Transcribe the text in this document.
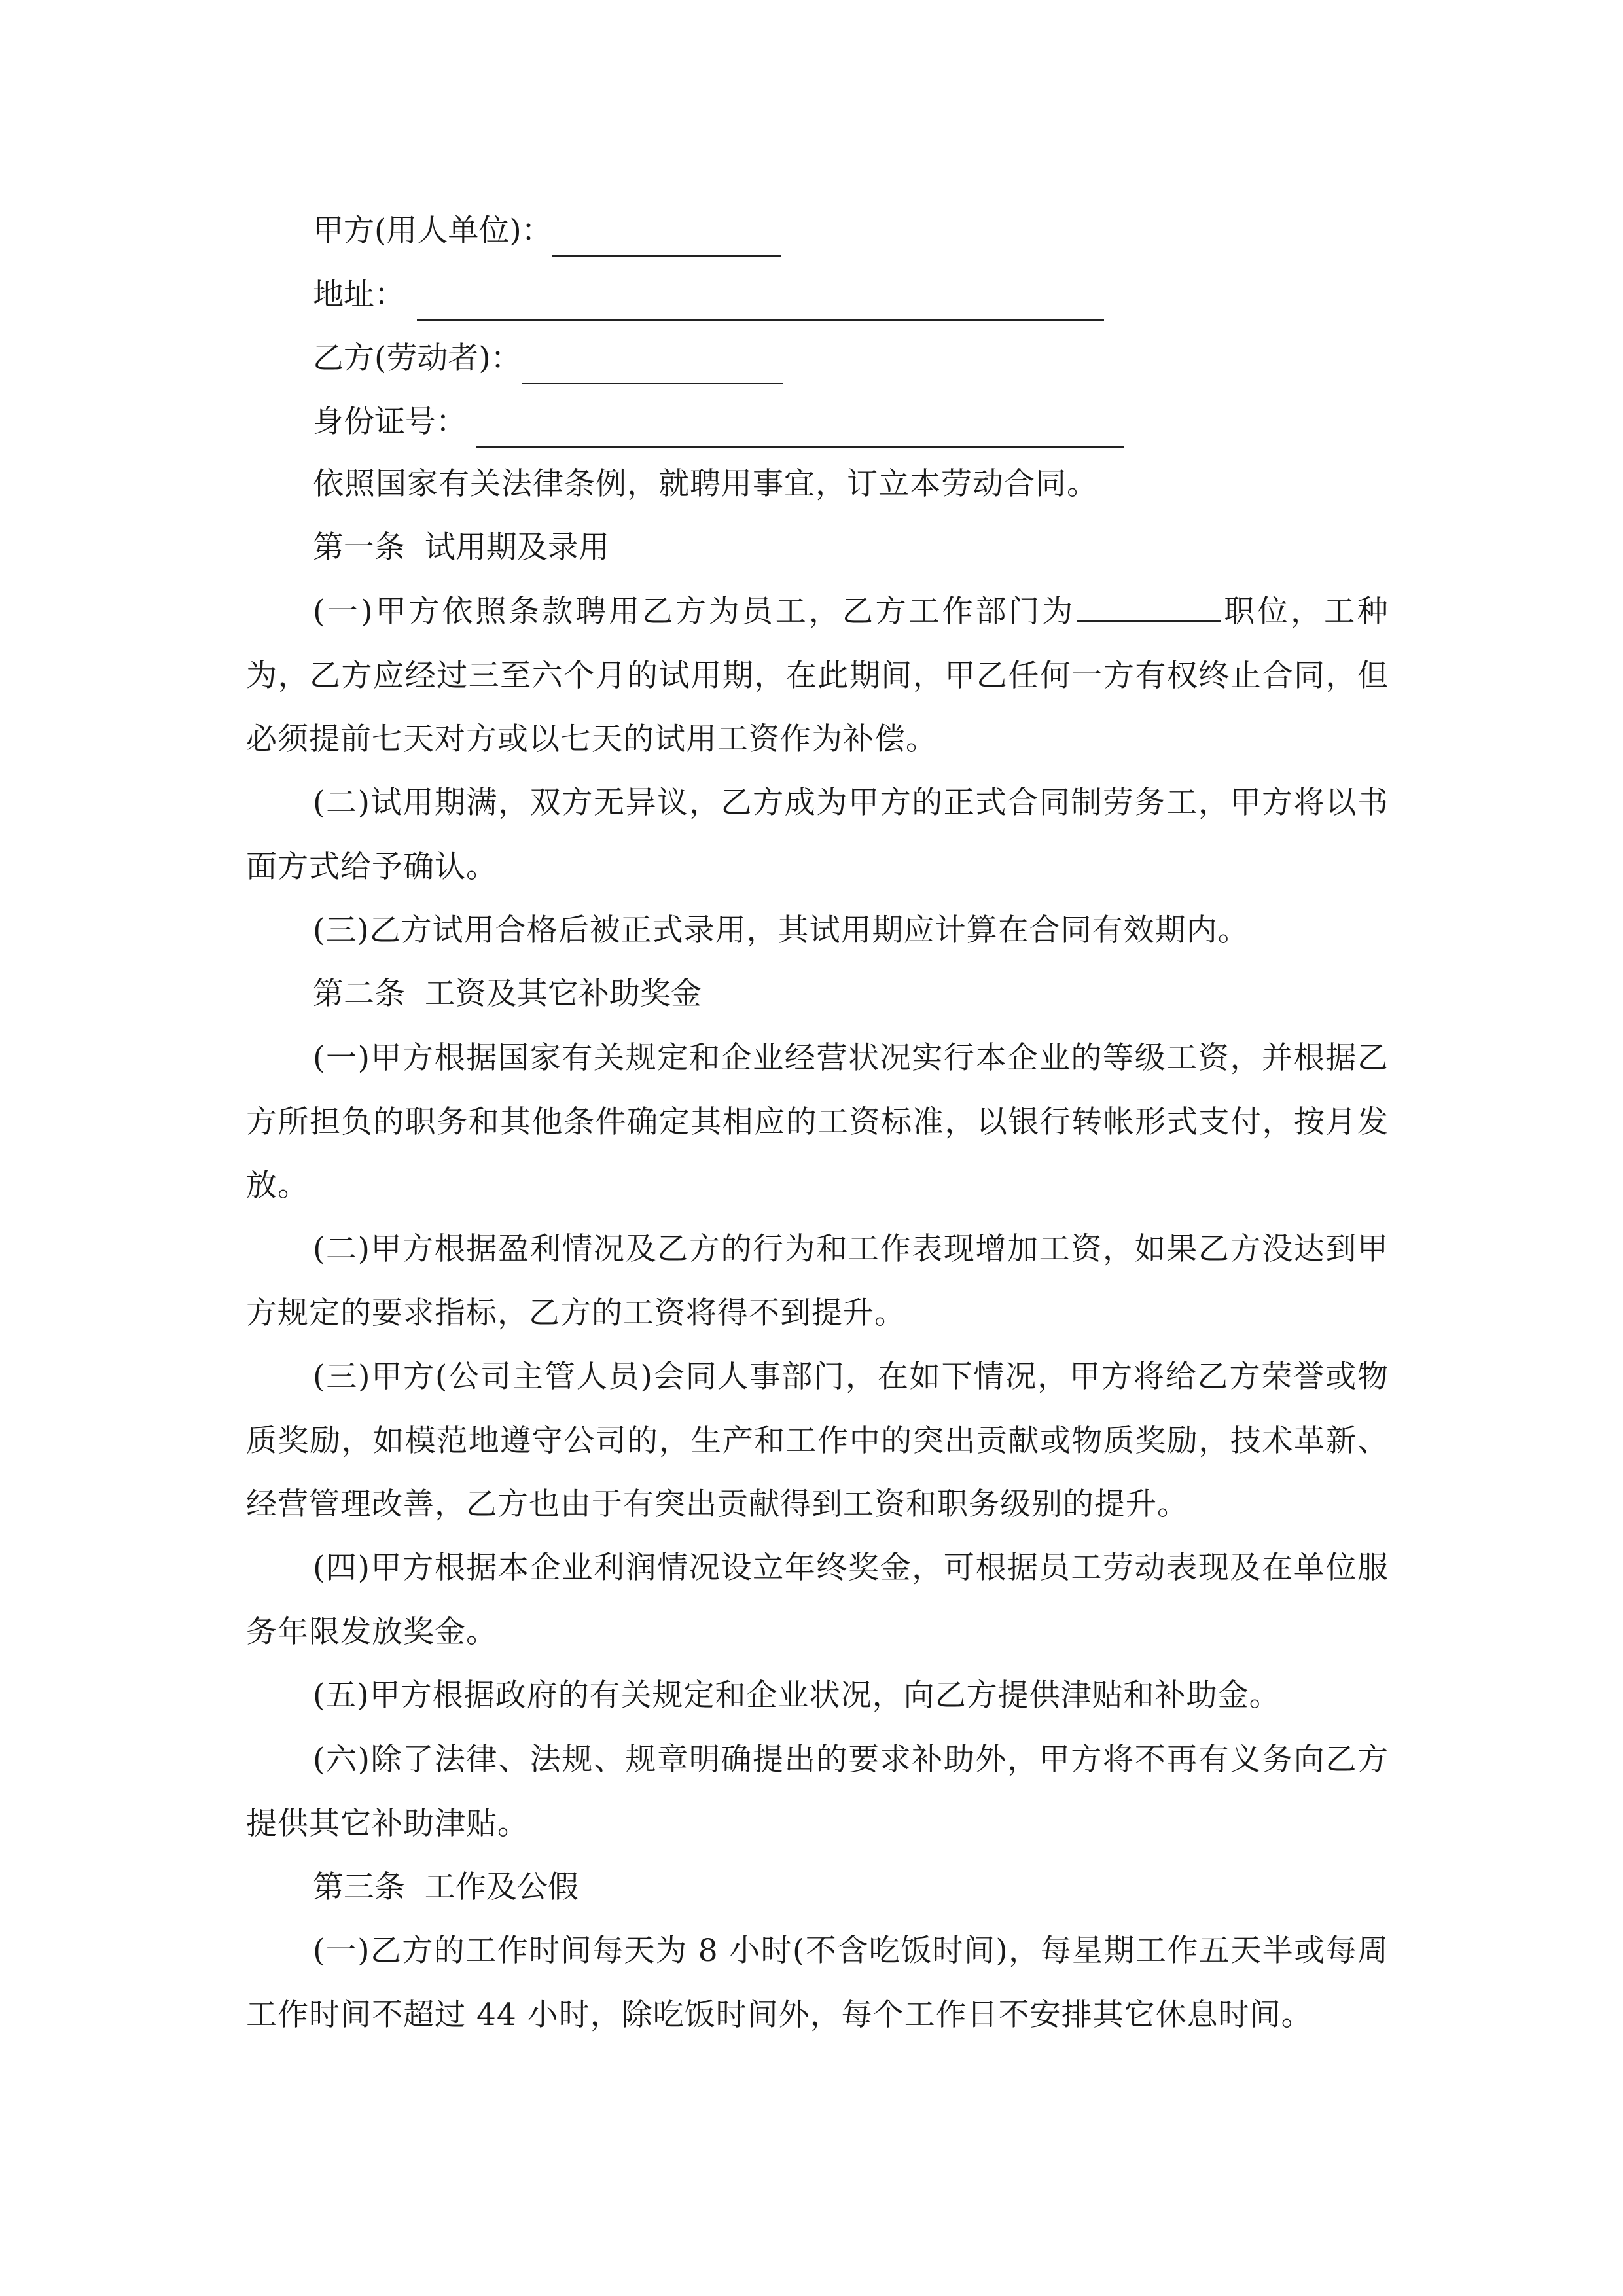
甲方(用人单位)：
地址：
乙方(劳动者)：
身份证号：

依照国家有关法律条例，就聘用事宜，订立本劳动合同。

第一条  试用期及录用

(一)甲方依照条款聘用乙方为员工，乙方工作部门为	职位，工种为，乙方应经过三至六个月的试用期，在此期间，甲乙任何一方有权终止合同，但必须提前七天对方或以七天的试用工资作为补偿。

(二)试用期满，双方无异议，乙方成为甲方的正式合同制劳务工，甲方将以书面方式给予确认。

(三)乙方试用合格后被正式录用，其试用期应计算在合同有效期内。

第二条  工资及其它补助奖金

(一)甲方根据国家有关规定和企业经营状况实行本企业的等级工资，并根据乙方所担负的职务和其他条件确定其相应的工资标准，以银行转帐形式支付，按月发放。

(二)甲方根据盈利情况及乙方的行为和工作表现增加工资，如果乙方没达到甲方规定的要求指标，乙方的工资将得不到提升。

(三)甲方(公司主管人员)会同人事部门，在如下情况，甲方将给乙方荣誉或物质奖励，如模范地遵守公司的，生产和工作中的突出贡献或物质奖励，技术革新、经营管理改善，乙方也由于有突出贡献得到工资和职务级别的提升。

(四)甲方根据本企业利润情况设立年终奖金，可根据员工劳动表现及在单位服务年限发放奖金。

(五)甲方根据政府的有关规定和企业状况，向乙方提供津贴和补助金。

(六)除了法律、法规、规章明确提出的要求补助外，甲方将不再有义务向乙方提供其它补助津贴。

第三条  工作及公假

(一)乙方的工作时间每天为 8 小时(不含吃饭时间)，每星期工作五天半或每周工作时间不超过 44 小时，除吃饭时间外，每个工作日不安排其它休息时间。
